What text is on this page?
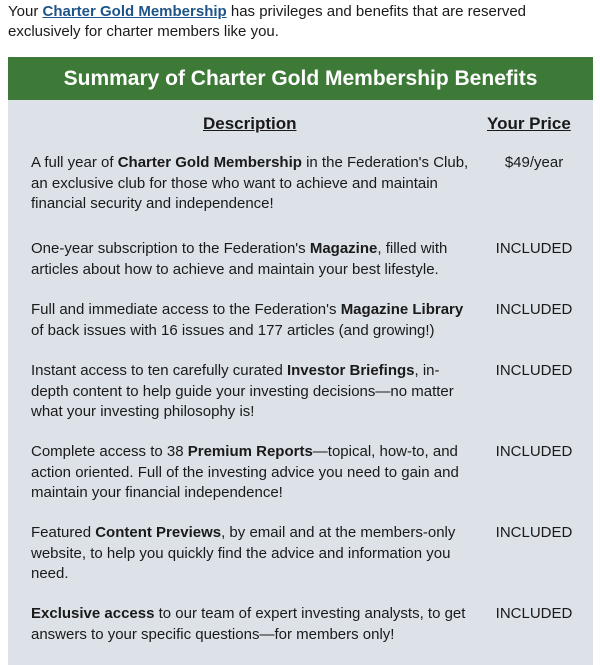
Your Charter Gold Membership has privileges and benefits that are reserved exclusively for charter members like you.
Summary of Charter Gold Membership Benefits
Description	Your Price
A full year of Charter Gold Membership in the Federation's Club, an exclusive club for those who want to achieve and maintain financial security and independence!
$49/year
One-year subscription to the Federation's Magazine, filled with articles about how to achieve and maintain your best lifestyle.
INCLUDED
Full and immediate access to the Federation's Magazine Library of back issues with 16 issues and 177 articles (and growing!)
INCLUDED
Instant access to ten carefully curated Investor Briefings, in-depth content to help guide your investing decisions—no matter what your investing philosophy is!
INCLUDED
Complete access to 38 Premium Reports—topical, how-to, and action oriented. Full of the investing advice you need to gain and maintain your financial independence!
INCLUDED
Featured Content Previews, by email and at the members-only website, to help you quickly find the advice and information you need.
INCLUDED
Exclusive access to our team of expert investing analysts, to get answers to your specific questions—for members only!
INCLUDED
